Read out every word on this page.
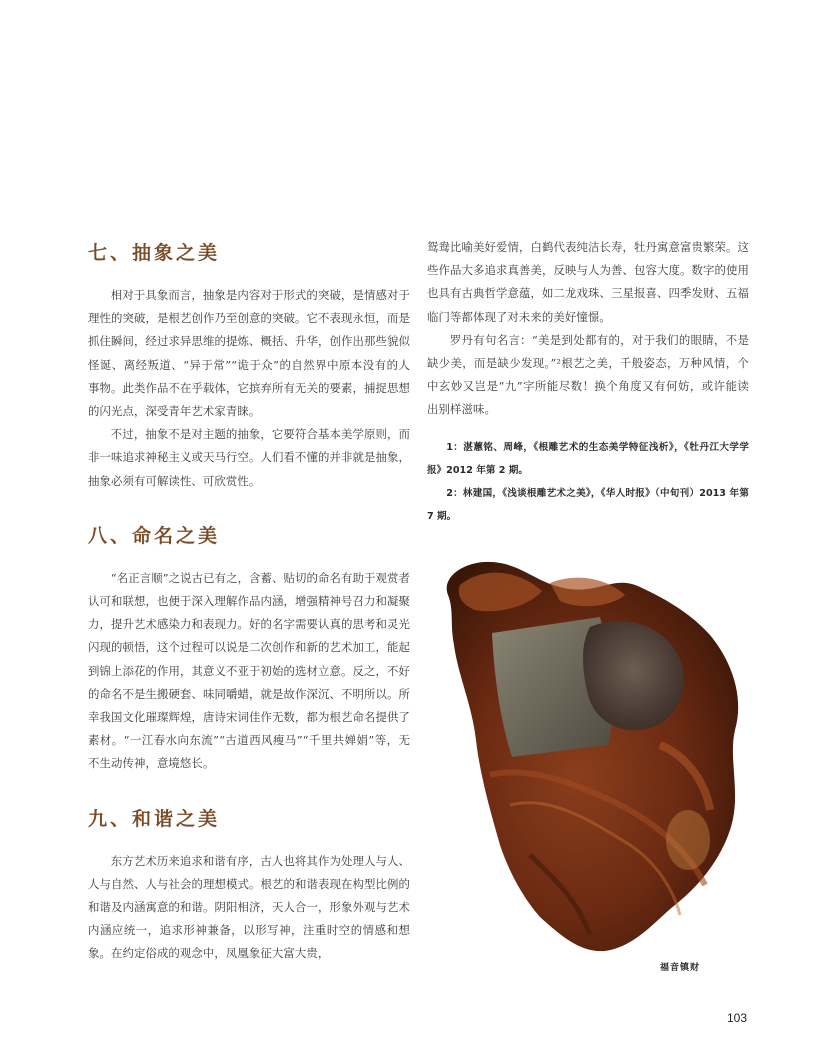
七、抽象之美

相对于具象而言，抽象是内容对于形式的突破，是情感对于理性的突破，是根艺创作乃至创意的突破。它不表现永恒，而是抓住瞬间，经过求异思维的提炼、概括、升华，创作出那些貌似怪诞、离经叛道、“异于常”“诡于众”的自然界中原本没有的人事物。此类作品不在乎载体，它摈弃所有无关的要素，捕捉思想的闪光点，深受青年艺术家青睐。

不过，抽象不是对主题的抽象，它要符合基本美学原则，而非一味追求神秘主义或天马行空。人们看不懂的并非就是抽象，抽象必须有可解读性、可欣赏性。

八、命名之美

“名正言顺”之说古已有之，含蓄、贴切的命名有助于观赏者认可和联想，也便于深入理解作品内涵，增强精神号召力和凝聚力，提升艺术感染力和表现力。好的名字需要认真的思考和灵光闪现的顿悟，这个过程可以说是二次创作和新的艺术加工，能起到锦上添花的作用，其意义不亚于初始的选材立意。反之，不好的命名不是生搬硬套、味同嚼蜡，就是故作深沉、不明所以。所幸我国文化璀璨辉煌，唐诗宋词佳作无数，都为根艺命名提供了素材。“一江春水向东流”“古道西风瘦马”“千里共婵娟”等，无不生动传神，意境悠长。

九、和谐之美

东方艺术历来追求和谐有序，古人也将其作为处理人与人、人与自然、人与社会的理想模式。根艺的和谐表现在构型比例的和谐及内涵寓意的和谐。阴阳相济，天人合一，形象外观与艺术内涵应统一，追求形神兼备，以形写神，注重时空的情感和想象。在约定俗成的观念中，凤凰象征大富大贵，

鸳鸯比喻美好爱情，白鹤代表纯洁长寿，牡丹寓意富贵繁荣。这些作品大多追求真善美，反映与人为善、包容大度。数字的使用也具有古典哲学意蕴，如二龙戏珠、三星报喜、四季发财、五福临门等都体现了对未来的美好憧憬。

罗丹有句名言：“美是到处都有的，对于我们的眼睛，不是缺少美，而是缺少发现。”²根艺之美，千般姿态，万种风情，个中玄妙又岂是“九”字所能尽数！换个角度又有何妨，或许能读出别样滋味。

1：湛蕙铭、周峰，《根雕艺术的生态美学特征浅析》，《牡丹江大学学报》2012 年第 2 期。

2：林建国，《浅谈根雕艺术之美》，《华人时报》（中旬刊）2013 年第 7 期。

福音镇财
103
